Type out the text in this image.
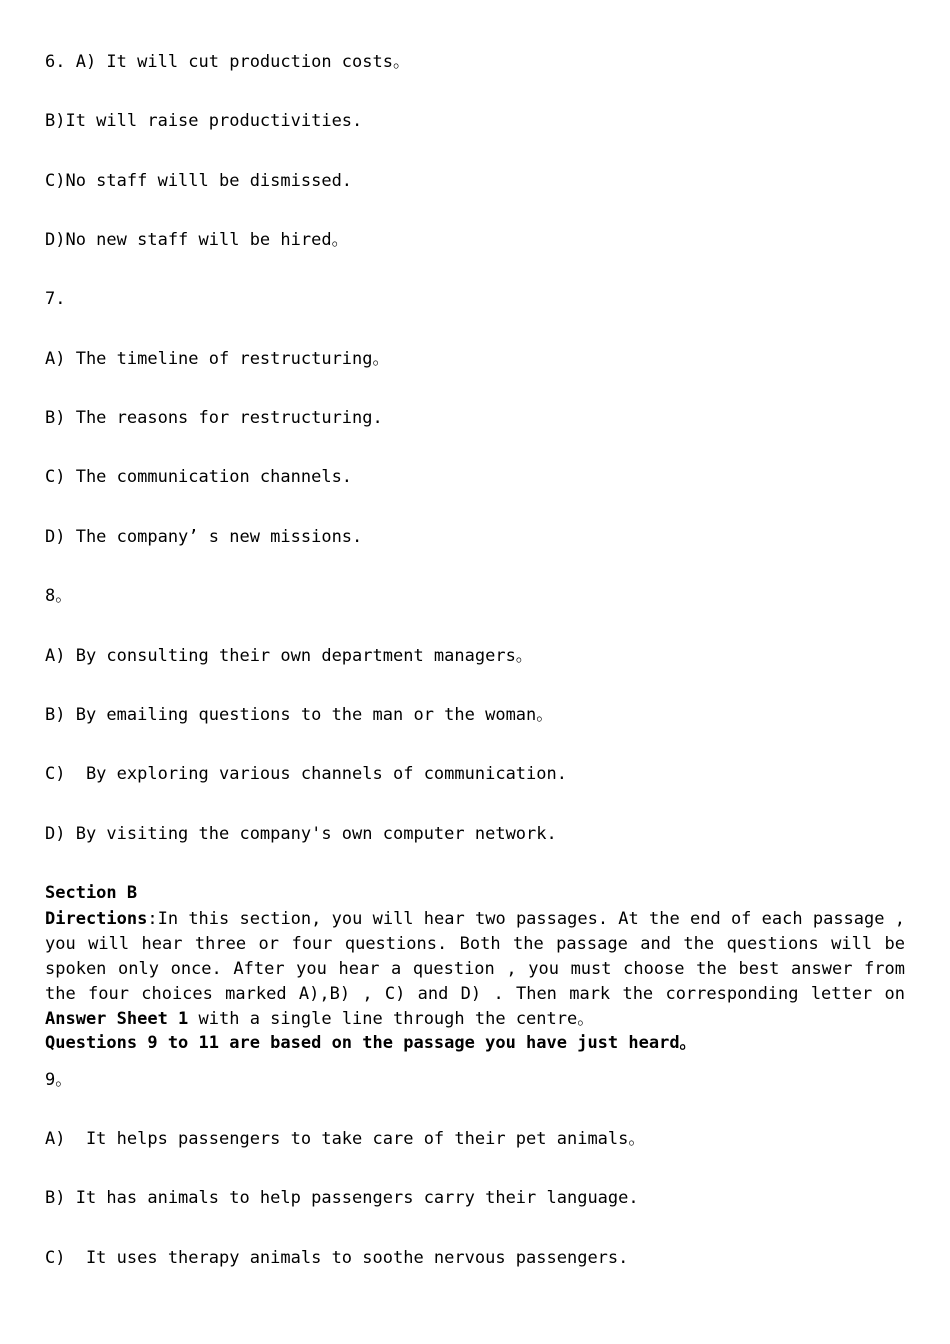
6. A) It will cut production costs。
B)It will raise productivities.
C)No staff willl be dismissed.
D)No new staff will be hired。
7.
A) The timeline of restructuring。
B) The reasons for restructuring.
C) The communication channels.
D) The company’ s new missions.
8。
A) By consulting their own department managers。
B) By emailing questions to the man or the woman。
C)  By exploring various channels of communication.
D) By visiting the company's own computer network.
Section B
Directions:In this section, you will hear two passages. At the end of each passage , you will hear three or four questions. Both the passage and the questions will be spoken only once. After you hear a question , you must choose the best answer from the four choices marked A),B) , C) and D) . Then mark the corresponding letter on Answer Sheet 1 with a single line through the centre。
Questions 9 to 11 are based on the passage you have just heard。
9。
A)  It helps passengers to take care of their pet animals。
B) It has animals to help passengers carry their language.
C)  It uses therapy animals to soothe nervous passengers.
